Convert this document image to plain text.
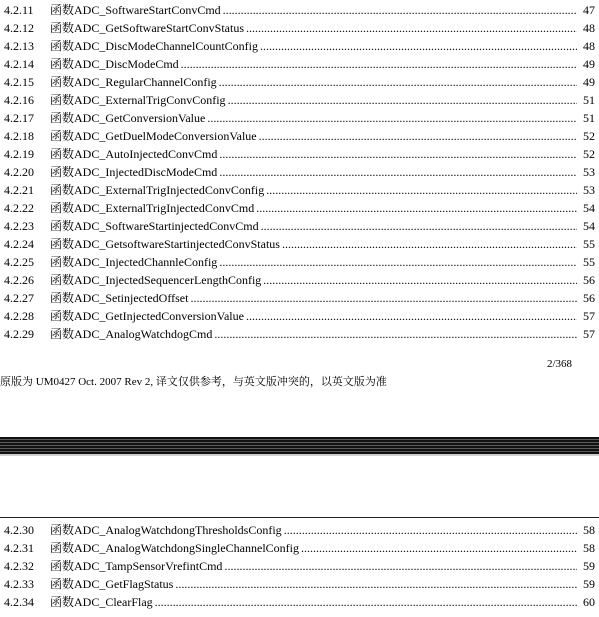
4.2.11	函数ADC_SoftwareStartConvCmd .....	47
4.2.12	函数ADC_GetSoftwareStartConvStatus .....	48
4.2.13	函数ADC_DiscModeChannelCountConfig .....	48
4.2.14	函数ADC_DiscModeCmd .....	49
4.2.15	函数ADC_RegularChannelConfig .....	49
4.2.16	函数ADC_ExternalTrigConvConfig .....	51
4.2.17	函数ADC_GetConversionValue .....	51
4.2.18	函数ADC_GetDuelModeConversionValue .....	52
4.2.19	函数ADC_AutoInjectedConvCmd .....	52
4.2.20	函数ADC_InjectedDiscModeCmd .....	53
4.2.21	函数ADC_ExternalTrigInjectedConvConfig .....	53
4.2.22	函数ADC_ExternalTrigInjectedConvCmd .....	54
4.2.23	函数ADC_SoftwareStartinjectedConvCmd .....	54
4.2.24	函数ADC_GetsoftwareStartinjectedConvStatus .....	55
4.2.25	函数ADC_InjectedChannleConfig .....	55
4.2.26	函数ADC_InjectedSequencerLengthConfig .....	56
4.2.27	函数ADC_SetinjectedOffset .....	56
4.2.28	函数ADC_GetInjectedConversionValue .....	57
4.2.29	函数ADC_AnalogWatchdogCmd .....	57
2/368
原版为 UM0427 Oct. 2007 Rev 2, 译文仅供参考，与英文版冲突的，以英文版为准
4.2.30	函数ADC_AnalogWatchdongThresholdsConfig .....	58
4.2.31	函数ADC_AnalogWatchdongSingleChannelConfig .....	58
4.2.32	函数ADC_TampSensorVrefintCmd .....	59
4.2.33	函数ADC_GetFlagStatus .....	59
4.2.34	函数ADC_ClearFlag .....	60
